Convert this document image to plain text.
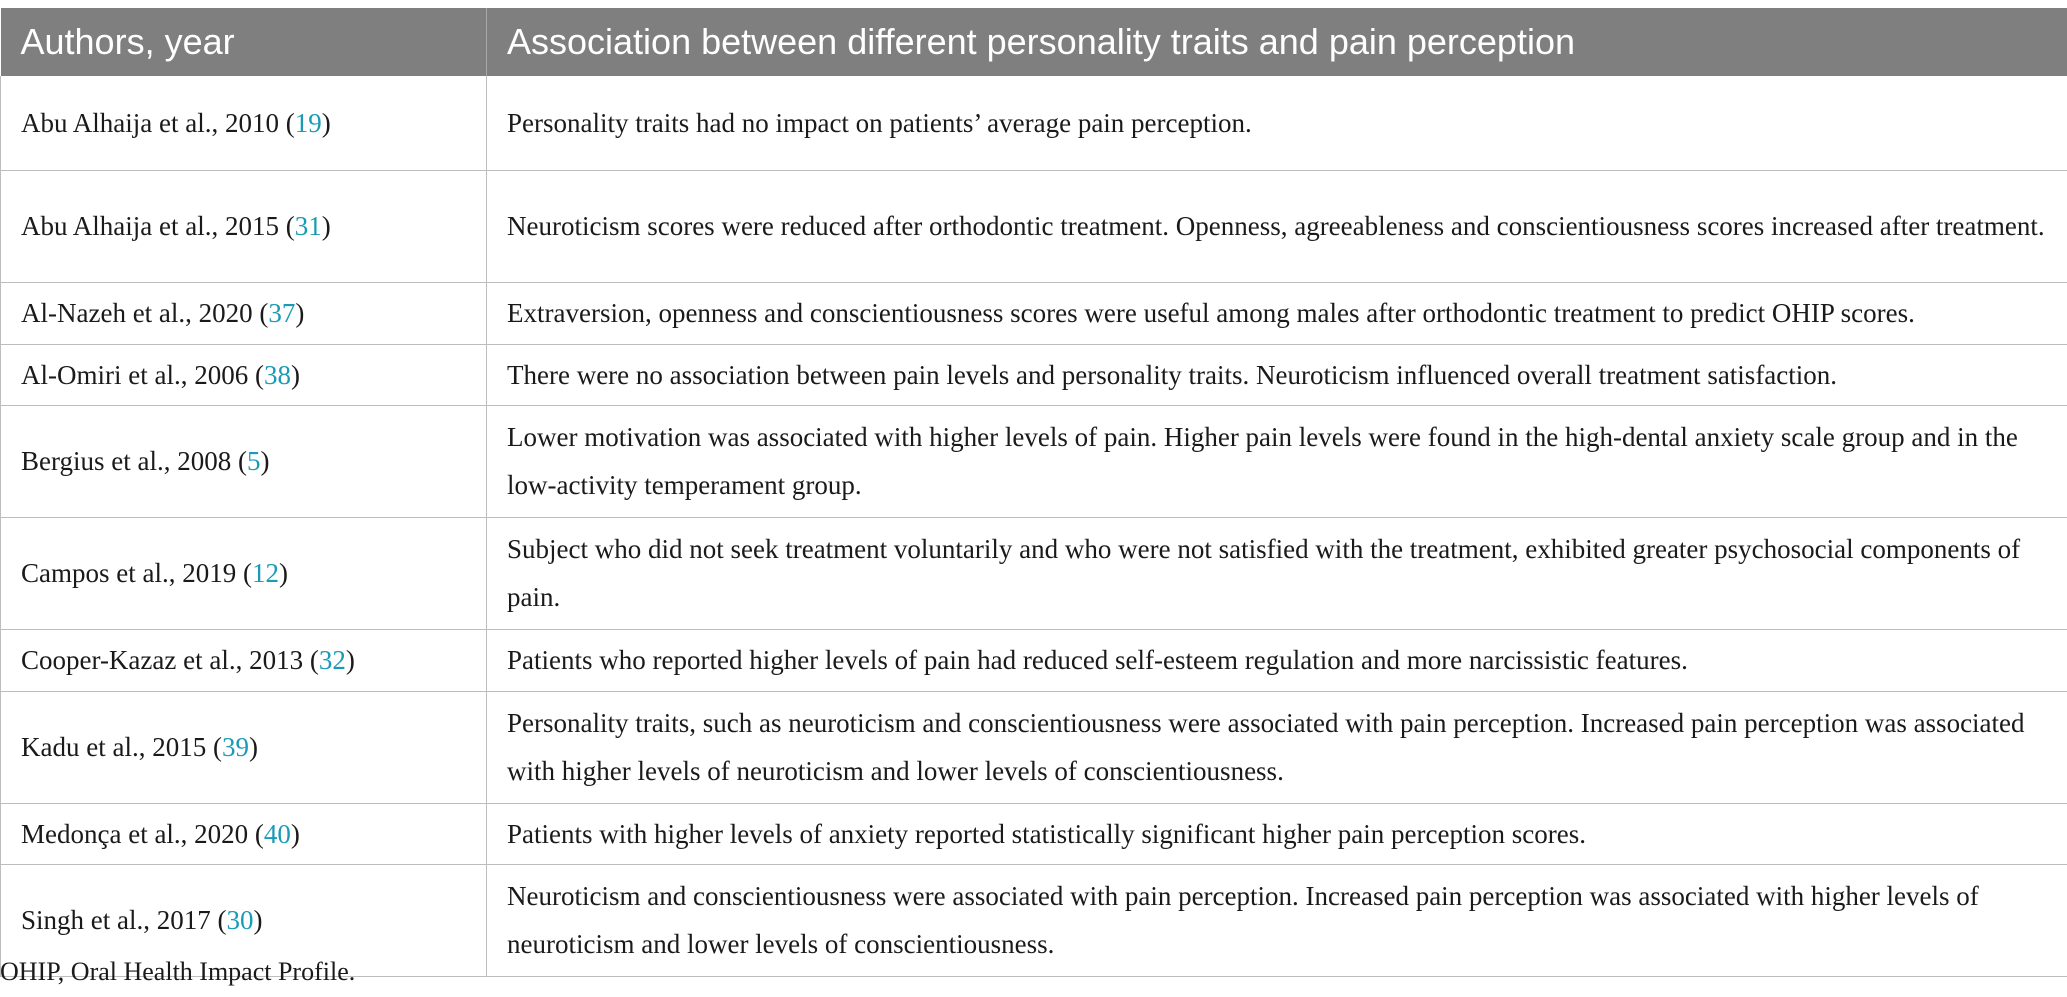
Authors, year	Association between different personality traits and pain perception
Abu Alhaija et al., 2010 (19)	Personality traits had no impact on patients’ average pain perception.
Abu Alhaija et al., 2015 (31)	Neuroticism scores were reduced after orthodontic treatment. Openness, agreeableness and conscientiousness scores increased after treatment.
Al-Nazeh et al., 2020 (37)	Extraversion, openness and conscientiousness scores were useful among males after orthodontic treatment to predict OHIP scores.
Al-Omiri et al., 2006 (38)	There were no association between pain levels and personality traits. Neuroticism influenced overall treatment satisfaction.
Bergius et al., 2008 (5)	Lower motivation was associated with higher levels of pain. Higher pain levels were found in the high-dental anxiety scale group and in the low-activity temperament group.
Campos et al., 2019 (12)	Subject who did not seek treatment voluntarily and who were not satisfied with the treatment, exhibited greater psychosocial components of pain.
Cooper-Kazaz et al., 2013 (32)	Patients who reported higher levels of pain had reduced self-esteem regulation and more narcissistic features.
Kadu et al., 2015 (39)	Personality traits, such as neuroticism and conscientiousness were associated with pain perception. Increased pain perception was associated with higher levels of neuroticism and lower levels of conscientiousness.
Medonça et al., 2020 (40)	Patients with higher levels of anxiety reported statistically significant higher pain perception scores.
Singh et al., 2017 (30)	Neuroticism and conscientiousness were associated with pain perception. Increased pain perception was associated with higher levels of neuroticism and lower levels of conscientiousness.
OHIP, Oral Health Impact Profile.
